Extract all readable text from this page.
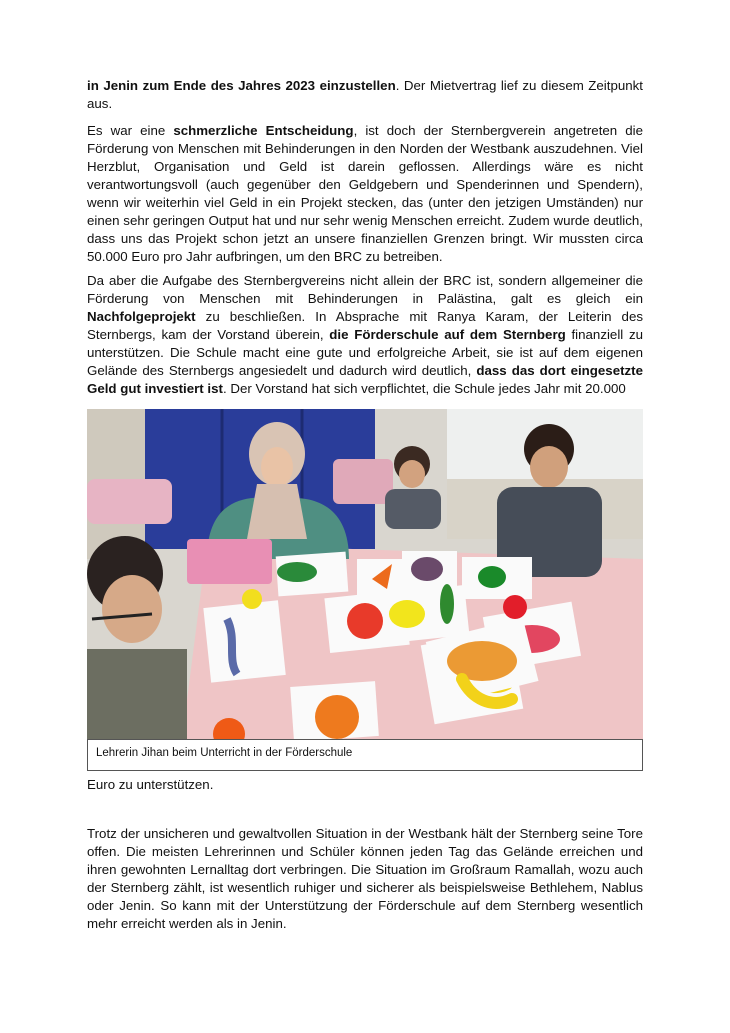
in Jenin zum Ende des Jahres 2023 einzustellen. Der Mietvertrag lief zu diesem Zeitpunkt aus.

Es war eine schmerzliche Entscheidung, ist doch der Sternbergverein angetreten die Förderung von Menschen mit Behinderungen in den Norden der Westbank auszudehnen. Viel Herzblut, Organisation und Geld ist darein geflossen. Allerdings wäre es nicht verantwortungsvoll (auch gegenüber den Geldgebern und Spenderinnen und Spendern), wenn wir weiterhin viel Geld in ein Projekt stecken, das (unter den jetzigen Umständen) nur einen sehr geringen Output hat und nur sehr wenig Menschen erreicht. Zudem wurde deutlich, dass uns das Projekt schon jetzt an unsere finanziellen Grenzen bringt. Wir mussten circa 50.000 Euro pro Jahr aufbringen, um den BRC zu betreiben.

Da aber die Aufgabe des Sternbergvereins nicht allein der BRC ist, sondern allgemeiner die Förderung von Menschen mit Behinderungen in Palästina, galt es gleich ein Nachfolgeprojekt zu beschließen. In Absprache mit Ranya Karam, der Leiterin des Sternbergs, kam der Vorstand überein, die Förderschule auf dem Sternberg finanziell zu unterstützen. Die Schule macht eine gute und erfolgreiche Arbeit, sie ist auf dem eigenen Gelände des Sternbergs angesiedelt und dadurch wird deutlich, dass das dort eingesetzte Geld gut investiert ist. Der Vorstand hat sich verpflichtet, die Schule jedes Jahr mit 20.000

Lehrerin Jihan beim Unterricht in der Förderschule

Euro zu unterstützen.

Trotz der unsicheren und gewaltvollen Situation in der Westbank hält der Sternberg seine Tore offen. Die meisten Lehrerinnen und Schüler können jeden Tag das Gelände erreichen und ihren gewohnten Lernalltag dort verbringen. Die Situation im Großraum Ramallah, wozu auch der Sternberg zählt, ist wesentlich ruhiger und sicherer als beispielsweise Bethlehem, Nablus oder Jenin. So kann mit der Unterstützung der Förderschule auf dem Sternberg wesentlich mehr erreicht werden als in Jenin.
